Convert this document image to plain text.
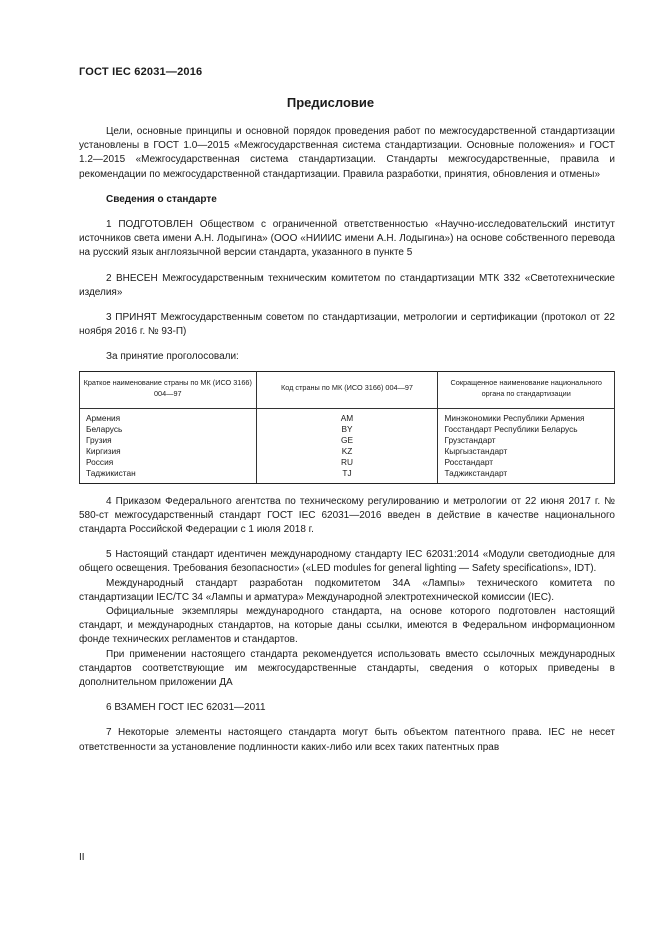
ГОСТ IEC 62031—2016
Предисловие

Цели, основные принципы и основной порядок проведения работ по межгосударственной стандартизации установлены в ГОСТ 1.0—2015 «Межгосударственная система стандартизации. Основные положения» и ГОСТ 1.2—2015 «Межгосударственная система стандартизации. Стандарты межгосударственные, правила и рекомендации по межгосударственной стандартизации. Правила разработки, принятия, обновления и отмены»

Сведения о стандарте

1 ПОДГОТОВЛЕН Обществом с ограниченной ответственностью «Научно-исследовательский институт источников света имени А.Н. Лодыгина» (ООО «НИИИС имени А.Н. Лодыгина») на основе собственного перевода на русский язык англоязычной версии стандарта, указанного в пункте 5

2 ВНЕСЕН Межгосударственным техническим комитетом по стандартизации МТК 332 «Светотехнические изделия»

3 ПРИНЯТ Межгосударственным советом по стандартизации, метрологии и сертификации (протокол от 22 ноября 2016 г. № 93-П)

За принятие проголосовали:

Краткое наименование страны по МК (ИСО 3166) 004—97	Код страны по МК (ИСО 3166) 004—97	Сокращенное наименование национального органа по стандартизации
Армения	AM	Минэкономики Республики Армения
Беларусь	BY	Госстандарт Республики Беларусь
Грузия	GE	Грузстандарт
Киргизия	KZ	Кыргызстандарт
Россия	RU	Росстандарт
Таджикистан	TJ	Таджикстандарт

4 Приказом Федерального агентства по техническому регулированию и метрологии от 22 июня 2017 г. № 580-ст межгосударственный стандарт ГОСТ IEC 62031—2016 введен в действие в качестве национального стандарта Российской Федерации с 1 июля 2018 г.

5 Настоящий стандарт идентичен международному стандарту IEC 62031:2014 «Модули светодиодные для общего освещения. Требования безопасности» («LED modules for general lighting — Safety specifications», IDT).

Международный стандарт разработан подкомитетом 34А «Лампы» технического комитета по стандартизации IEC/TC 34 «Лампы и арматура» Международной электротехнической комиссии (IEC).

Официальные экземпляры международного стандарта, на основе которого подготовлен настоящий стандарт, и международных стандартов, на которые даны ссылки, имеются в Федеральном информационном фонде технических регламентов и стандартов.

При применении настоящего стандарта рекомендуется использовать вместо ссылочных международных стандартов соответствующие им межгосударственные стандарты, сведения о которых приведены в дополнительном приложении ДА

6 ВЗАМЕН ГОСТ IEC 62031—2011

7 Некоторые элементы настоящего стандарта могут быть объектом патентного права. IEC не несет ответственности за установление подлинности каких-либо или всех таких патентных прав

II
